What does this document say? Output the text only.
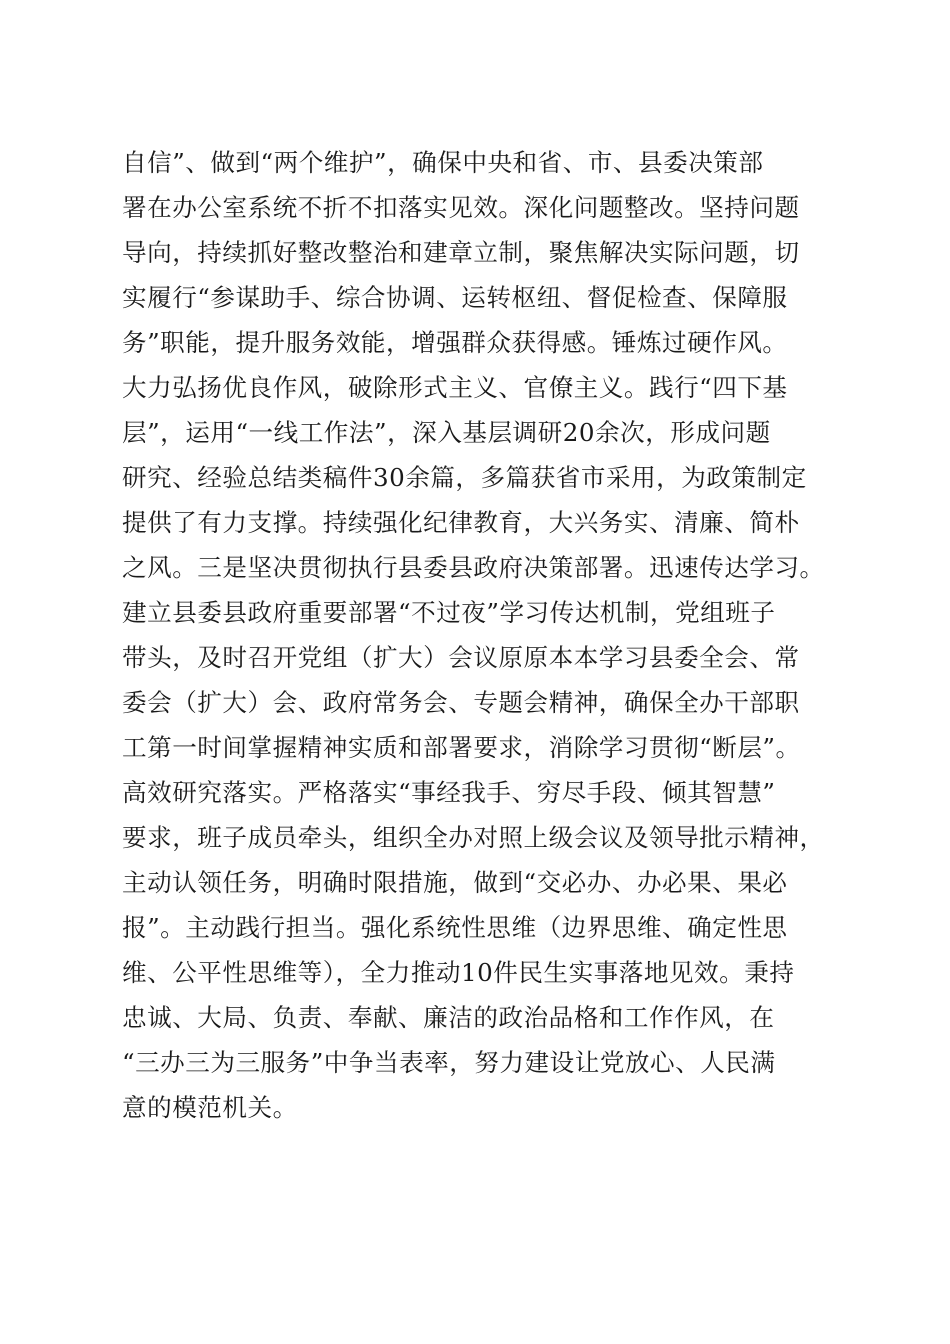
自信”、做到“两个维护”，确保中央和省、市、县委决策部
署在办公室系统不折不扣落实见效。深化问题整改。坚持问题
导向，持续抓好整改整治和建章立制，聚焦解决实际问题，切
实履行“参谋助手、综合协调、运转枢纽、督促检查、保障服
务”职能，提升服务效能，增强群众获得感。锤炼过硬作风。
大力弘扬优良作风，破除形式主义、官僚主义。践行“四下基
层”，运用“一线工作法”，深入基层调研20余次，形成问题
研究、经验总结类稿件30余篇，多篇获省市采用，为政策制定
提供了有力支撑。持续强化纪律教育，大兴务实、清廉、简朴
之风。三是坚决贯彻执行县委县政府决策部署。迅速传达学习。
建立县委县政府重要部署“不过夜”学习传达机制，党组班子
带头，及时召开党组（扩大）会议原原本本学习县委全会、常
委会（扩大）会、政府常务会、专题会精神，确保全办干部职
工第一时间掌握精神实质和部署要求，消除学习贯彻“断层”。
高效研究落实。严格落实“事经我手、穷尽手段、倾其智慧”
要求，班子成员牵头，组织全办对照上级会议及领导批示精神，
主动认领任务，明确时限措施，做到“交必办、办必果、果必
报”。主动践行担当。强化系统性思维（边界思维、确定性思
维、公平性思维等），全力推动10件民生实事落地见效。秉持
忠诚、大局、负责、奉献、廉洁的政治品格和工作作风，在
“三办三为三服务”中争当表率，努力建设让党放心、人民满
意的模范机关。
